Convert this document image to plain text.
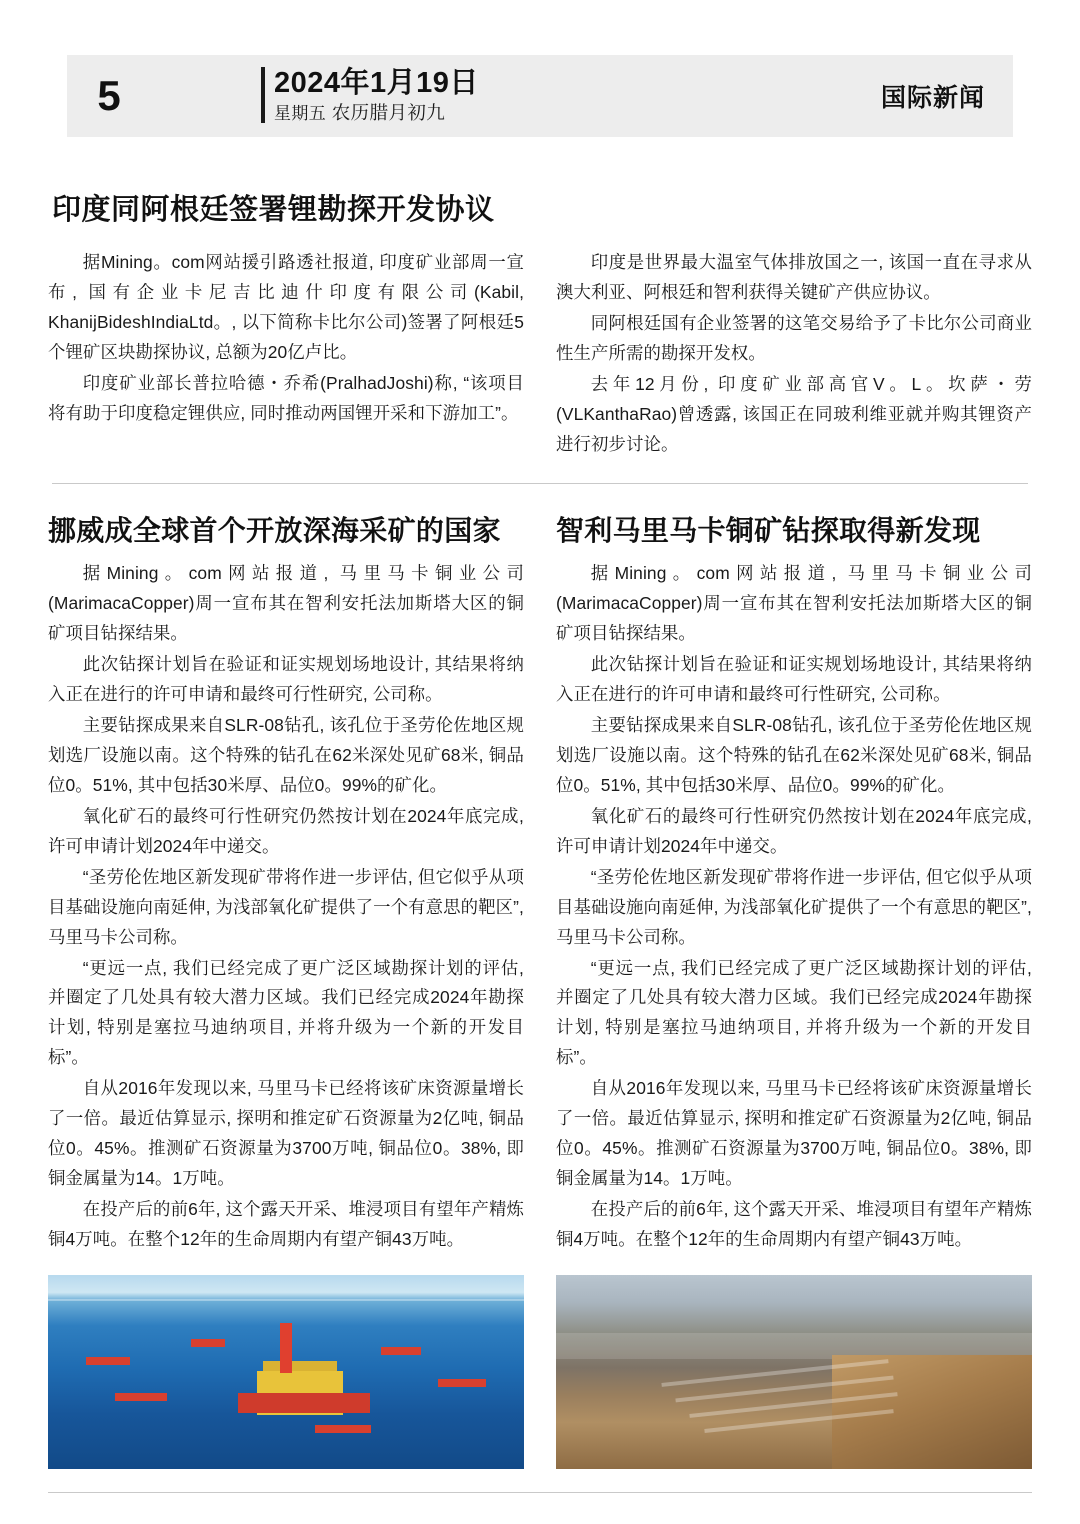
5	2024年1月19日
星期五 农历腊月初九
国际新闻
印度同阿根廷签署锂勘探开发协议

据Mining。com网站援引路透社报道, 印度矿业部周一宣布, 国有企业卡尼吉比迪什印度有限公司(Kabil, KhanijBideshIndiaLtd。, 以下简称卡比尔公司)签署了阿根廷5个锂矿区块勘探协议, 总额为20亿卢比。

印度矿业部长普拉哈德・乔希(PralhadJoshi)称, “该项目将有助于印度稳定锂供应, 同时推动两国锂开采和下游加工”。

印度是世界最大温室气体排放国之一, 该国一直在寻求从澳大利亚、阿根廷和智利获得关键矿产供应协议。

同阿根廷国有企业签署的这笔交易给予了卡比尔公司商业性生产所需的勘探开发权。

去年12月份, 印度矿业部高官V。L。坎萨・劳(VLKanthaRao)曾透露, 该国正在同玻利维亚就并购其锂资产进行初步讨论。

挪威成全球首个开放深海采矿的国家

据Mining。com网站报道, 马里马卡铜业公司(MarimacaCopper)周一宣布其在智利安托法加斯塔大区的铜矿项目钻探结果。

此次钻探计划旨在验证和证实规划场地设计, 其结果将纳入正在进行的许可申请和最终可行性研究, 公司称。

主要钻探成果来自SLR-08钻孔, 该孔位于圣劳伦佐地区规划选厂设施以南。这个特殊的钻孔在62米深处见矿68米, 铜品位0。51%, 其中包括30米厚、品位0。99%的矿化。

氧化矿石的最终可行性研究仍然按计划在2024年底完成, 许可申请计划2024年中递交。

“圣劳伦佐地区新发现矿带将作进一步评估, 但它似乎从项目基础设施向南延伸, 为浅部氧化矿提供了一个有意思的靶区”, 马里马卡公司称。

“更远一点, 我们已经完成了更广泛区域勘探计划的评估, 并圈定了几处具有较大潜力区域。我们已经完成2024年勘探计划, 特别是塞拉马迪纳项目, 并将升级为一个新的开发目标”。

自从2016年发现以来, 马里马卡已经将该矿床资源量增长了一倍。最近估算显示, 探明和推定矿石资源量为2亿吨, 铜品位0。45%。推测矿石资源量为3700万吨, 铜品位0。38%, 即铜金属量为14。1万吨。

在投产后的前6年, 这个露天开采、堆浸项目有望年产精炼铜4万吨。在整个12年的生命周期内有望产铜43万吨。

智利马里马卡铜矿钻探取得新发现

据Mining。com网站报道, 马里马卡铜业公司(MarimacaCopper)周一宣布其在智利安托法加斯塔大区的铜矿项目钻探结果。

此次钻探计划旨在验证和证实规划场地设计, 其结果将纳入正在进行的许可申请和最终可行性研究, 公司称。

主要钻探成果来自SLR-08钻孔, 该孔位于圣劳伦佐地区规划选厂设施以南。这个特殊的钻孔在62米深处见矿68米, 铜品位0。51%, 其中包括30米厚、品位0。99%的矿化。

氧化矿石的最终可行性研究仍然按计划在2024年底完成, 许可申请计划2024年中递交。

“圣劳伦佐地区新发现矿带将作进一步评估, 但它似乎从项目基础设施向南延伸, 为浅部氧化矿提供了一个有意思的靶区”, 马里马卡公司称。

“更远一点, 我们已经完成了更广泛区域勘探计划的评估, 并圈定了几处具有较大潜力区域。我们已经完成2024年勘探计划, 特别是塞拉马迪纳项目, 并将升级为一个新的开发目标”。

自从2016年发现以来, 马里马卡已经将该矿床资源量增长了一倍。最近估算显示, 探明和推定矿石资源量为2亿吨, 铜品位0。45%。推测矿石资源量为3700万吨, 铜品位0。38%, 即铜金属量为14。1万吨。

在投产后的前6年, 这个露天开采、堆浸项目有望年产精炼铜4万吨。在整个12年的生命周期内有望产铜43万吨。
